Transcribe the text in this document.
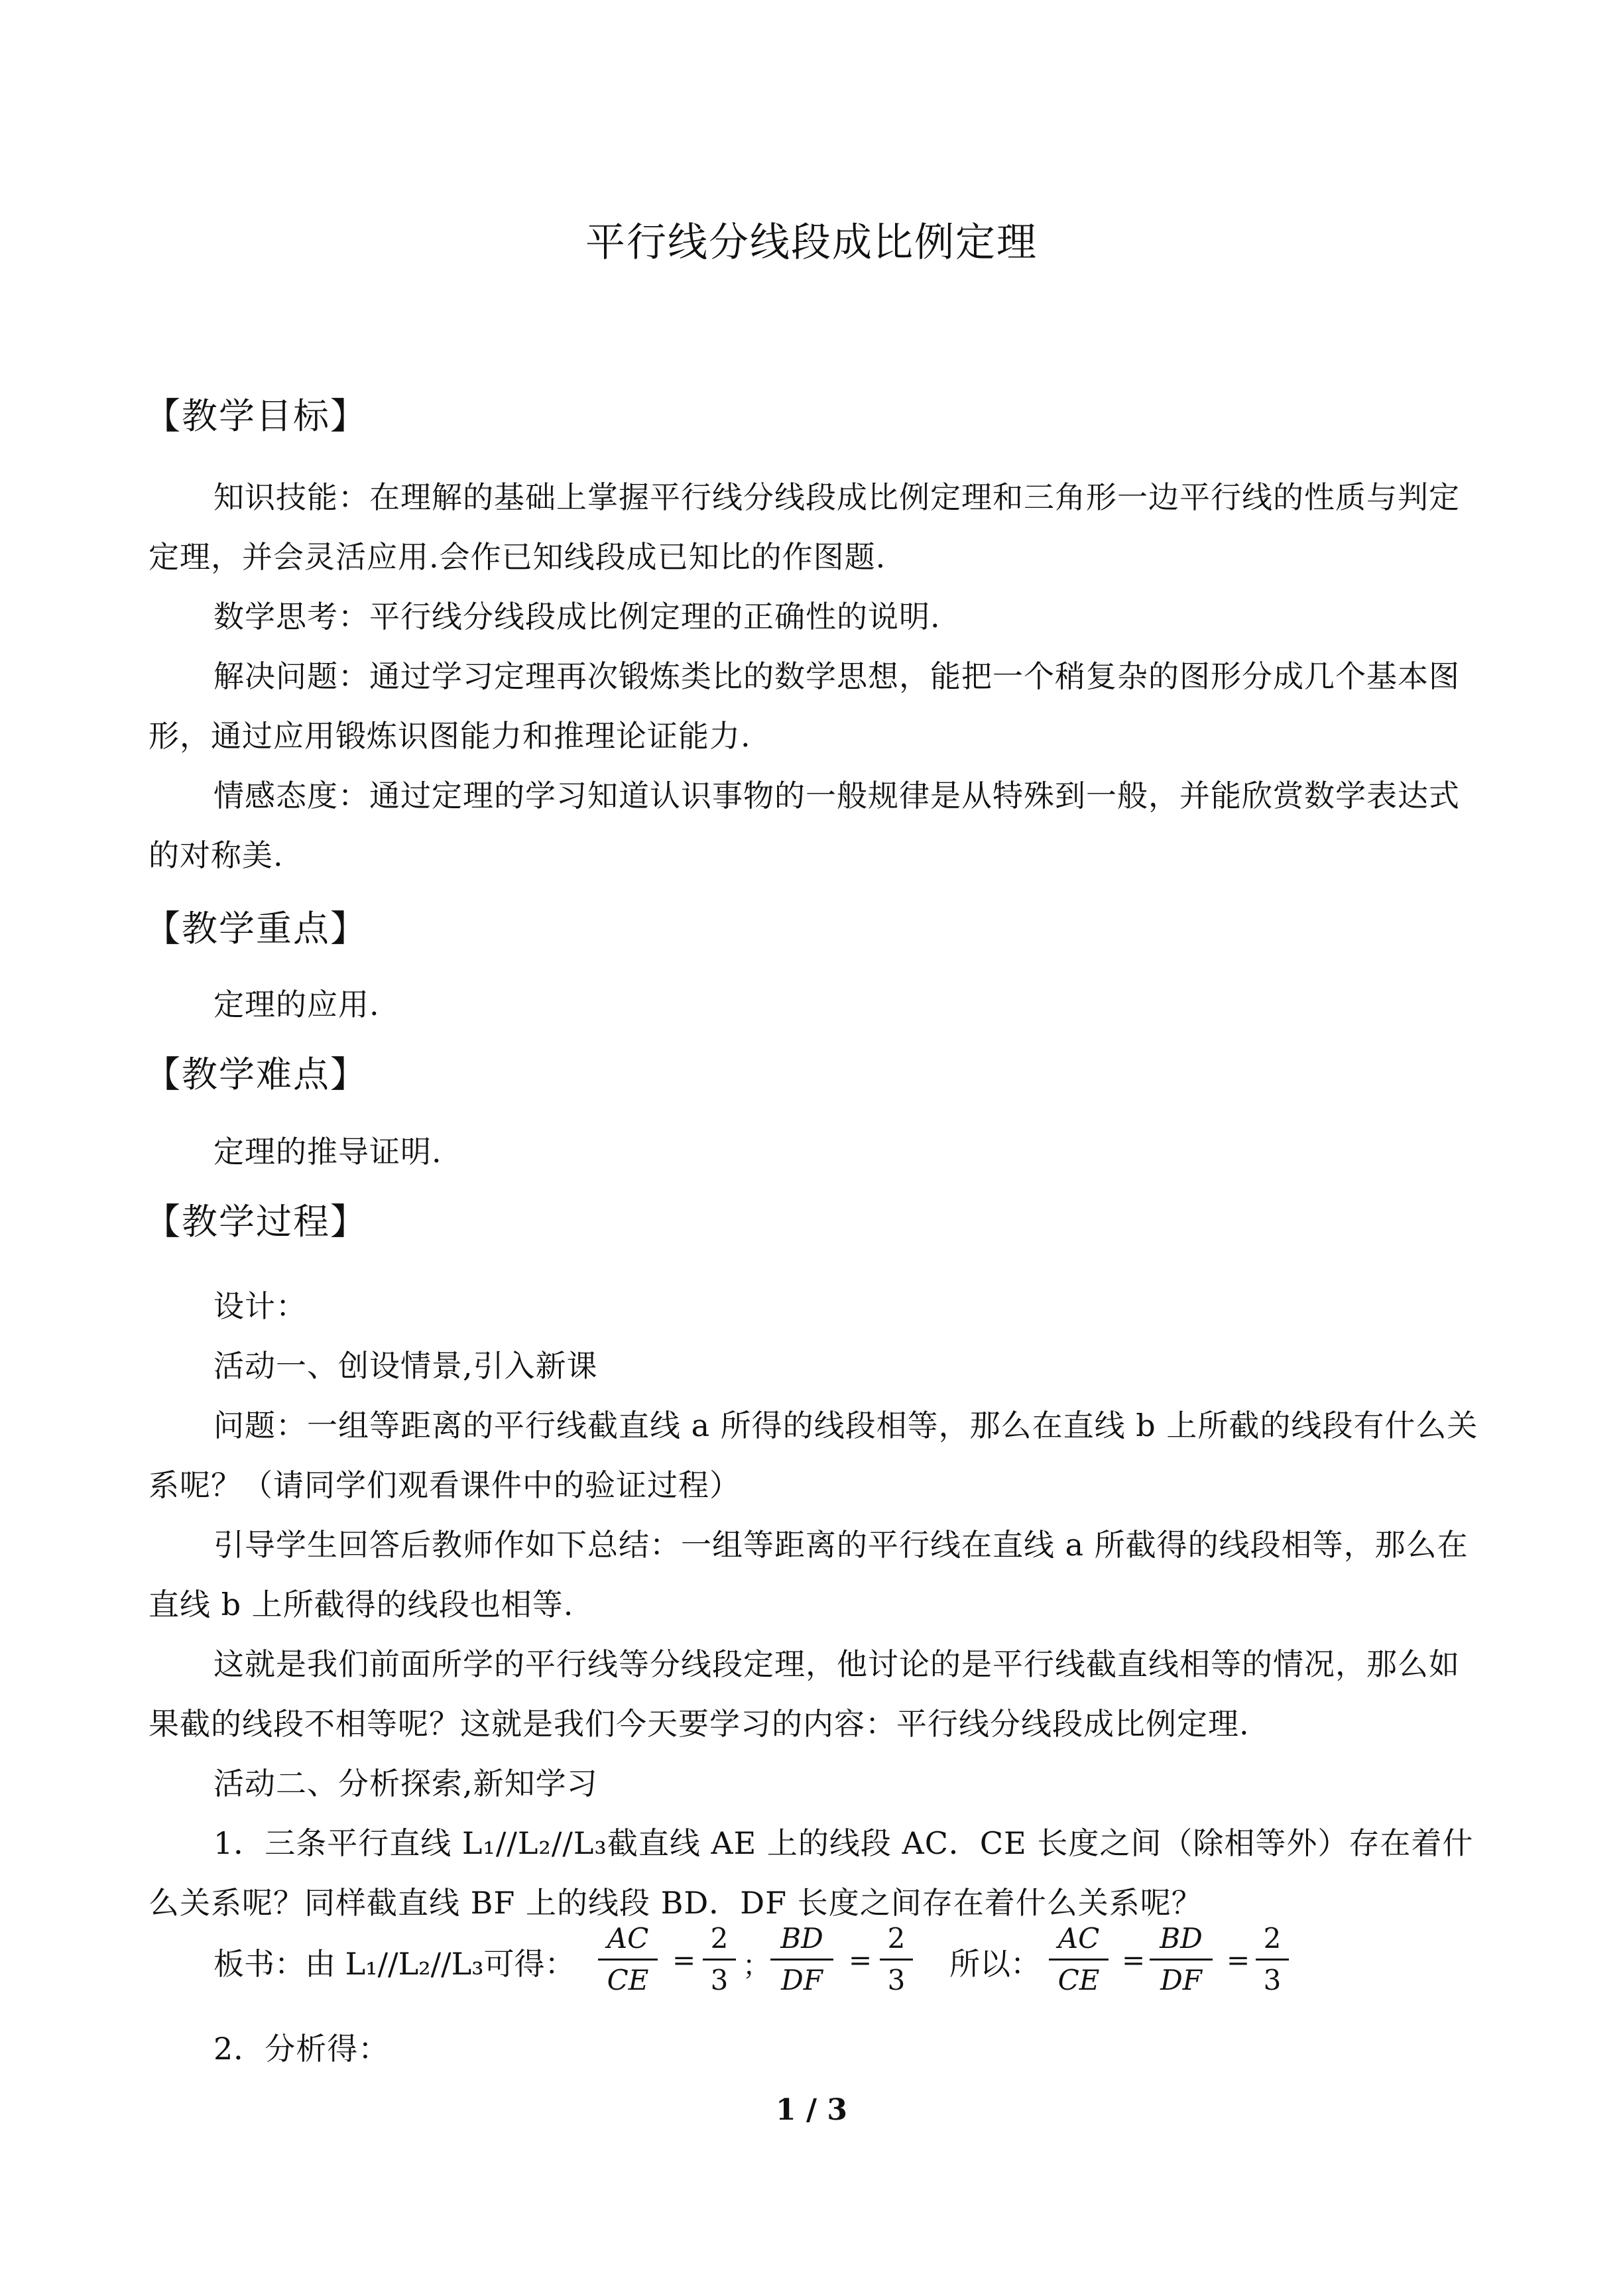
平行线分线段成比例定理
【教学目标】
知识技能：在理解的基础上掌握平行线分线段成比例定理和三角形一边平行线的性质与判定定理，并会灵活应用.会作已知线段成已知比的作图题.
数学思考：平行线分线段成比例定理的正确性的说明.
解决问题：通过学习定理再次锻炼类比的数学思想，能把一个稍复杂的图形分成几个基本图形，通过应用锻炼识图能力和推理论证能力.
情感态度：通过定理的学习知道认识事物的一般规律是从特殊到一般，并能欣赏数学表达式的对称美.
【教学重点】
定理的应用.
【教学难点】
定理的推导证明.
【教学过程】
设计：
活动一、创设情景,引入新课
问题：一组等距离的平行线截直线 a 所得的线段相等，那么在直线 b 上所截的线段有什么关系呢？（请同学们观看课件中的验证过程）
引导学生回答后教师作如下总结：一组等距离的平行线在直线 a 所截得的线段相等，那么在直线 b 上所截得的线段也相等.
这就是我们前面所学的平行线等分线段定理，他讨论的是平行线截直线相等的情况，那么如果截的线段不相等呢？这就是我们今天要学习的内容：平行线分线段成比例定理.
活动二、分析探索,新知学习
1．三条平行直线 L₁//L₂//L₃截直线 AE 上的线段 AC．CE 长度之间（除相等外）存在着什么关系呢？同样截直线 BF 上的线段 BD．DF 长度之间存在着什么关系呢？
板书：由 L₁//L₂//L₃可得：
AC
CE
=
2
3 ；
BD
DF
=
2
3 所以：
AC
CE
=
BD
DF
=
2
3
2．分析得：
1 / 3
